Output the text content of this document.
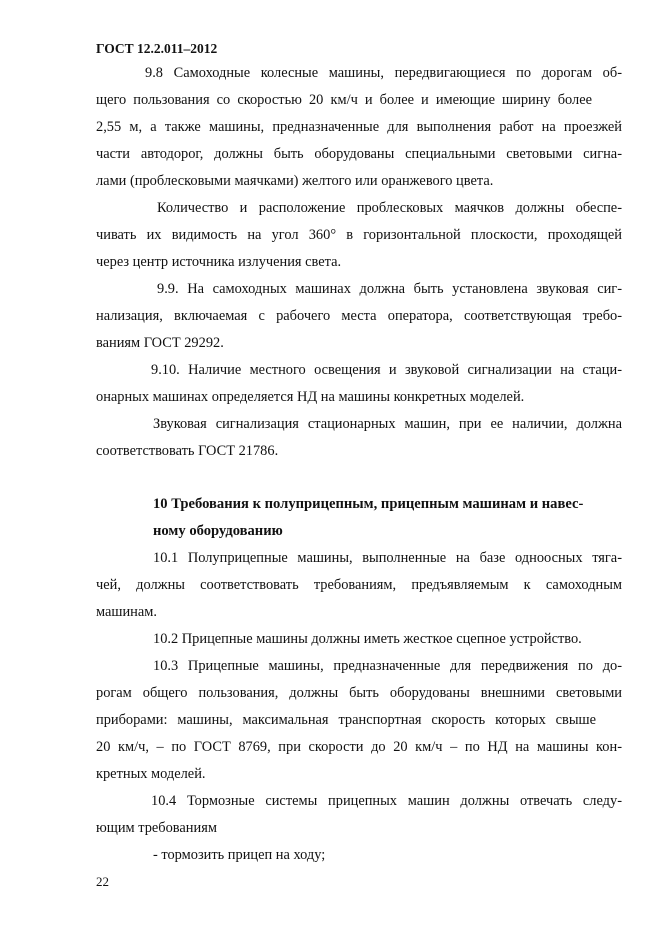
ГОСТ 12.2.011–2012
9.8 Самоходные колесные машины, передвигающиеся по дорогам об-
щего пользования со скоростью 20 км/ч и более и имеющие ширину более
2,55 м, а также машины, предназначенные для выполнения работ на проезжей
части автодорог, должны быть оборудованы специальными световыми сигна-
лами (проблесковыми маячками) желтого или оранжевого цвета.
Количество и расположение проблесковых маячков должны обеспе-
чивать их видимость на угол 360° в горизонтальной плоскости, проходящей
через центр источника излучения света.
9.9. На самоходных машинах должна быть установлена звуковая сиг-
нализация, включаемая с рабочего места оператора, соответствующая требо-
ваниям ГОСТ 29292.
9.10. Наличие местного освещения и звуковой сигнализации на стаци-
онарных машинах определяется НД на машины конкретных моделей.
Звуковая сигнализация стационарных машин, при ее наличии, должна
соответствовать ГОСТ 21786.
10 Требования к полуприцепным, прицепным машинам и навес-
ному оборудованию
10.1 Полуприцепные машины, выполненные на базе одноосных тяга-
чей, должны соответствовать требованиям, предъявляемым к самоходным
машинам.
10.2 Прицепные машины должны иметь жесткое сцепное устройство.
10.3 Прицепные машины, предназначенные для передвижения по до-
рогам общего пользования, должны быть оборудованы внешними световыми
приборами: машины, максимальная транспортная скорость которых свыше
20 км/ч, – по ГОСТ 8769, при скорости до 20 км/ч – по НД на машины кон-
кретных моделей.
10.4 Тормозные системы прицепных машин должны отвечать следу-
ющим требованиям
- тормозить прицеп на ходу;
22
